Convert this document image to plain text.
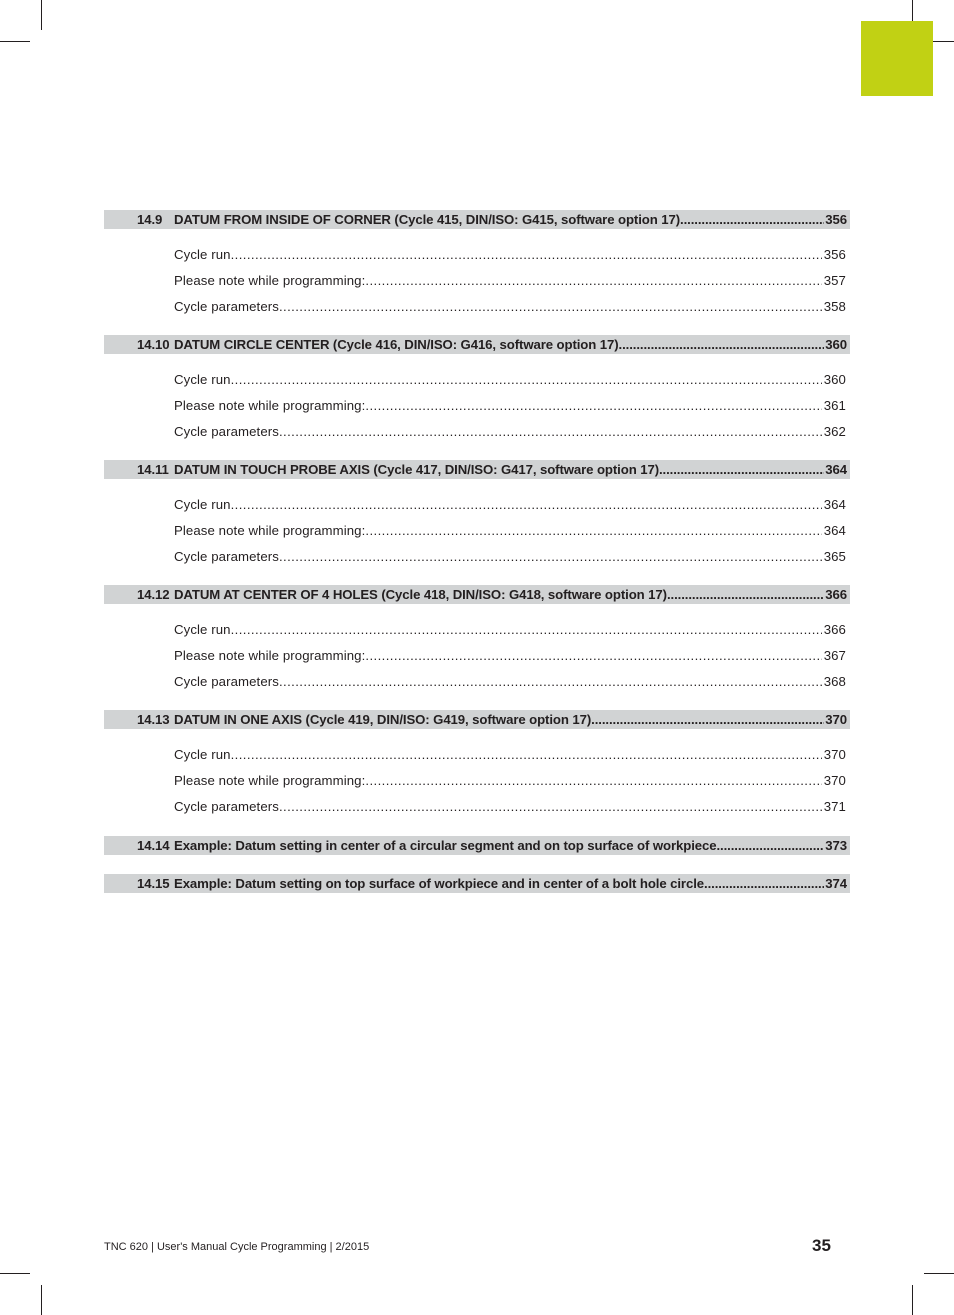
14.9 DATUM FROM INSIDE OF CORNER (Cycle 415, DIN/ISO: G415, software option 17) .....	356
Cycle run .....	356
Please note while programming: .....	357
Cycle parameters .....	358
14.10 DATUM CIRCLE CENTER (Cycle 416, DIN/ISO: G416, software option 17) .....	360
Cycle run .....	360
Please note while programming: .....	361
Cycle parameters .....	362
14.11 DATUM IN TOUCH PROBE AXIS (Cycle 417, DIN/ISO: G417, software option 17) .....	364
Cycle run .....	364
Please note while programming: .....	364
Cycle parameters .....	365
14.12 DATUM AT CENTER OF 4 HOLES (Cycle 418, DIN/ISO: G418, software option 17) .....	366
Cycle run .....	366
Please note while programming: .....	367
Cycle parameters .....	368
14.13 DATUM IN ONE AXIS (Cycle 419, DIN/ISO: G419, software option 17) .....	370
Cycle run .....	370
Please note while programming: .....	370
Cycle parameters .....	371
14.14 Example: Datum setting in center of a circular segment and on top surface of workpiece .....	373
14.15 Example: Datum setting on top surface of workpiece and in center of a bolt hole circle .....	374
TNC 620 | User's Manual Cycle Programming | 2/2015	35
